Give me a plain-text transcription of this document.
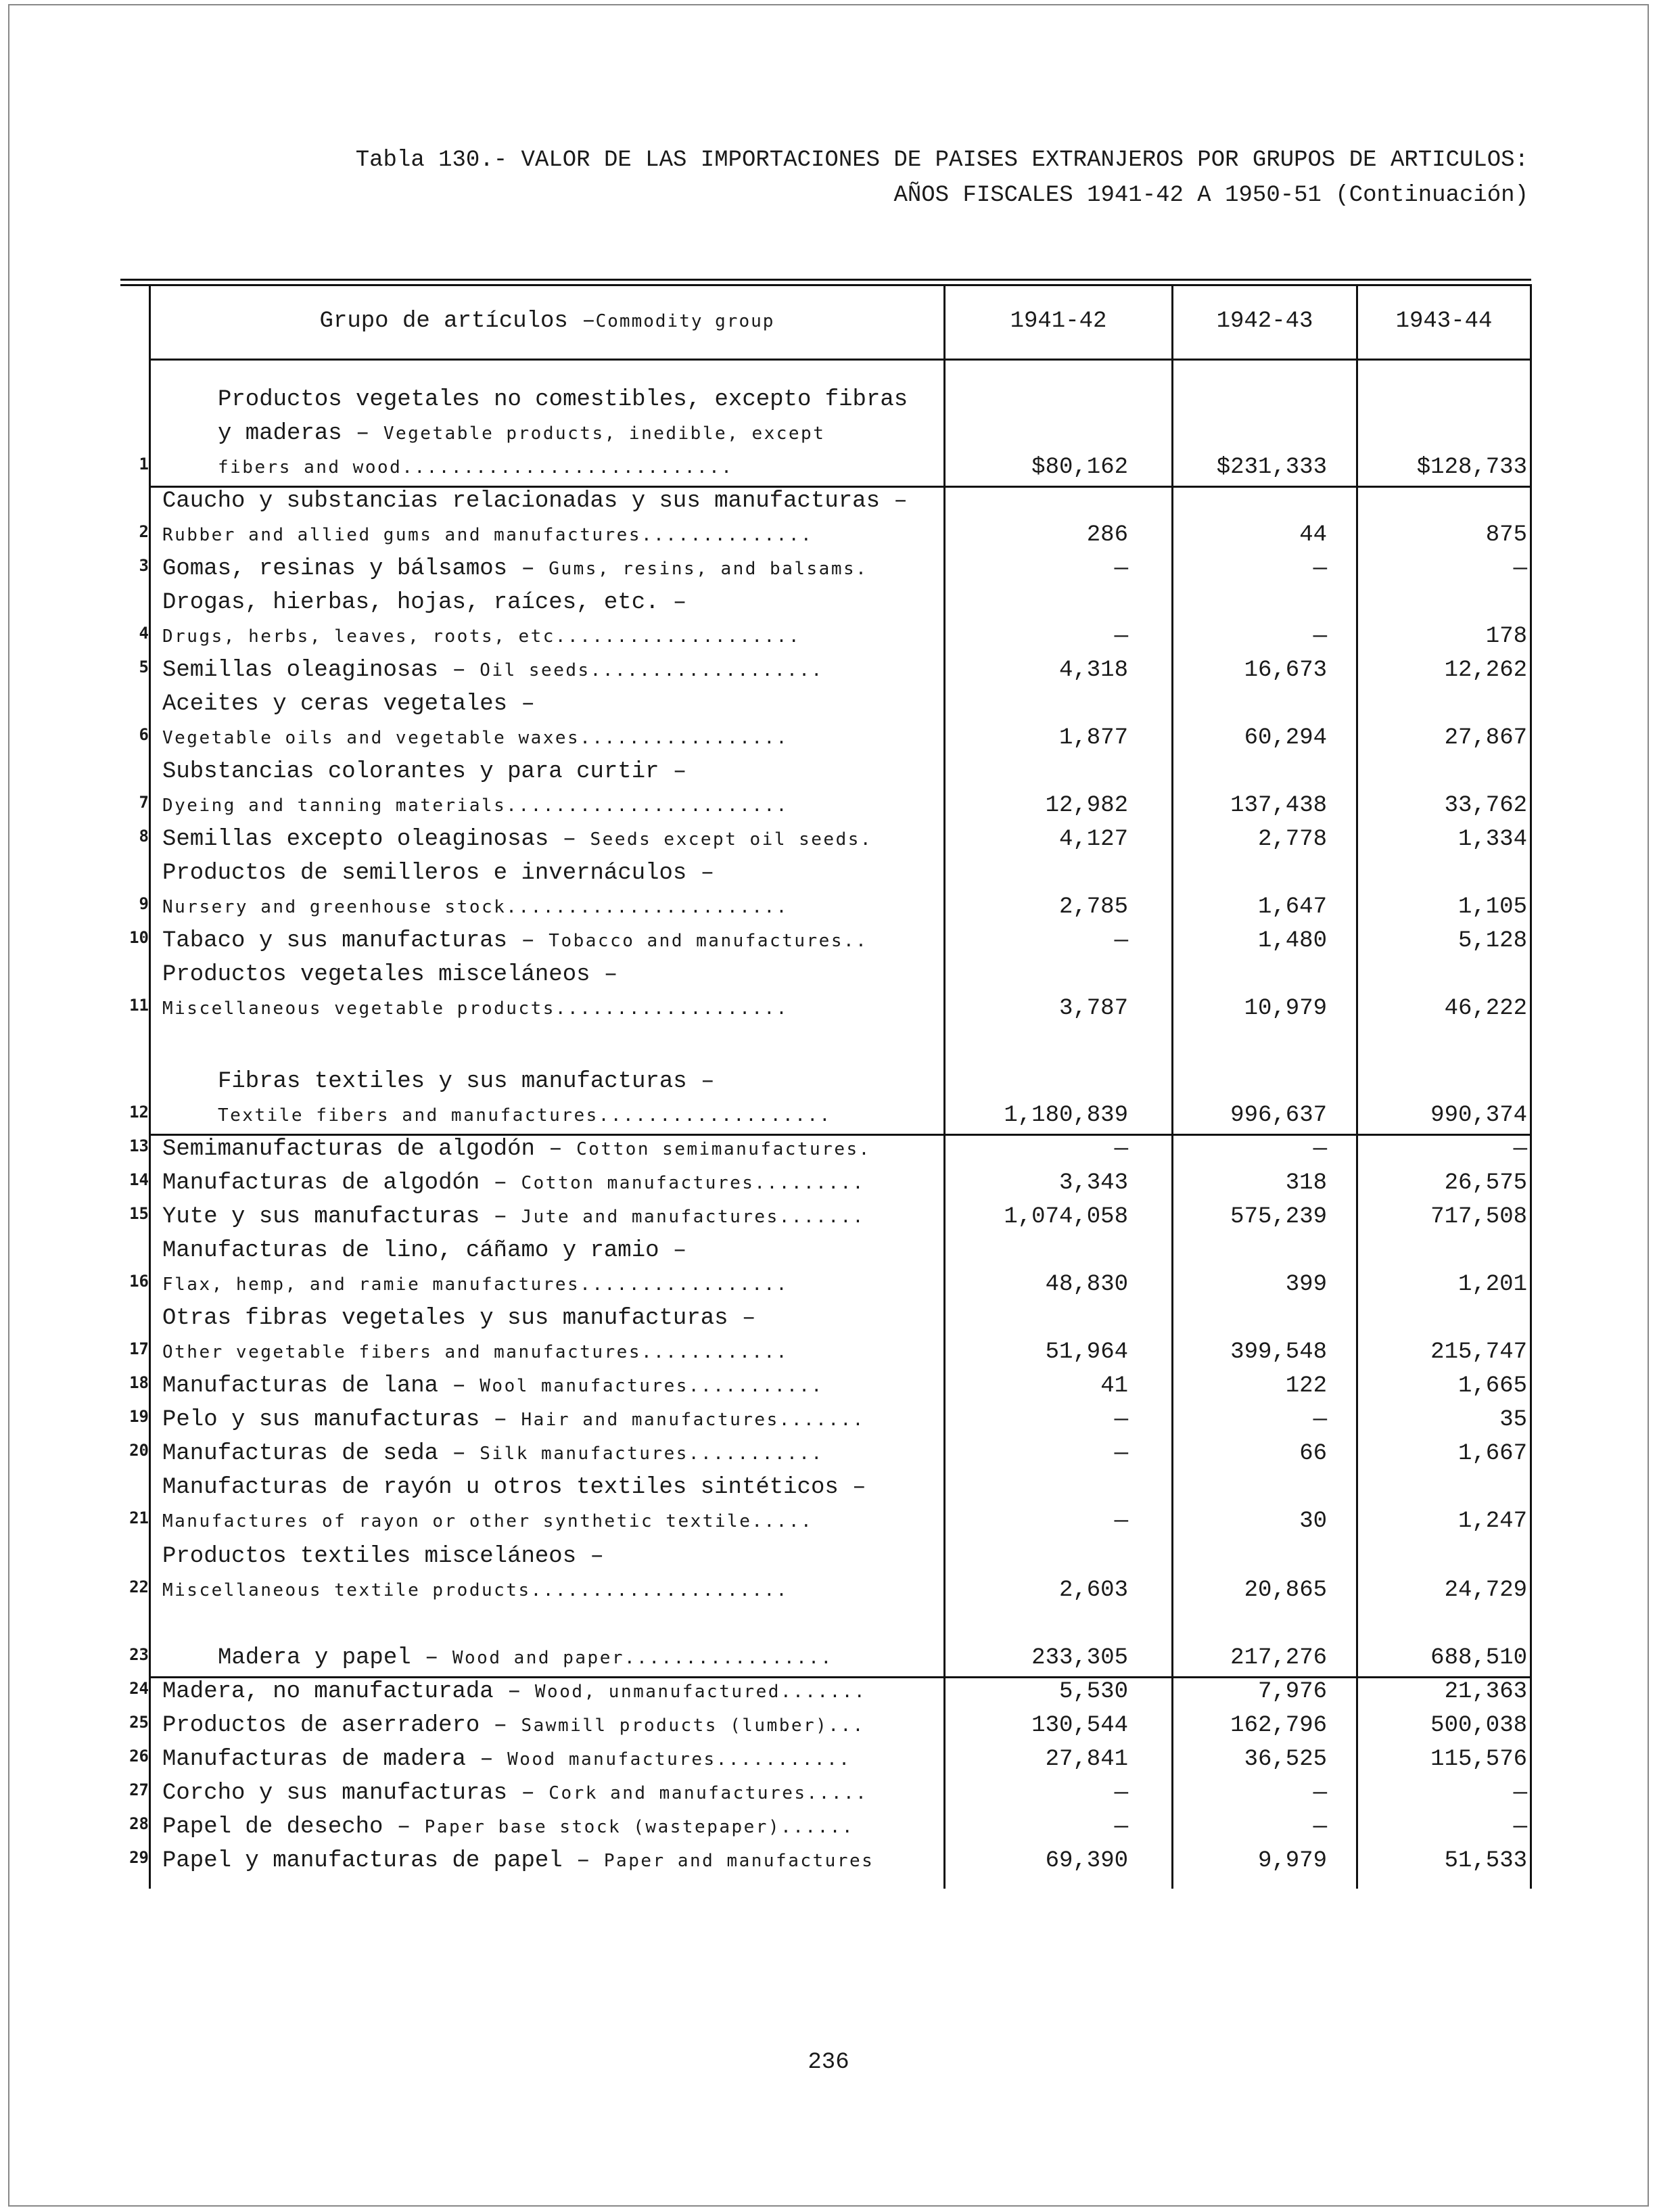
Tabla 130.- VALOR DE LAS IMPORTACIONES DE PAISES EXTRANJEROS POR GRUPOS DE ARTICULOS:
AÑOS FISCALES 1941-42 A 1950-51 (Continuación)
Grupo de artículos – Commodity group	1941-42	1942-43	1943-44
Productos vegetales no comestibles, excepto fibras
y maderas – Vegetable products, inedible, except
1	fibers and wood...........................	$80,162	$231,333	$128,733
Caucho y substancias relacionadas y sus manufacturas –
2 Rubber and allied gums and manufactures..............	286	44	875
3 Gomas, resinas y bálsamos – Gums, resins, and balsams.	—	—	—
Drogas, hierbas, hojas, raíces, etc. –
4 Drugs, herbs, leaves, roots, etc....................	—	—	178
5 Semillas oleaginosas – Oil seeds...................	4,318	16,673	12,262
Aceites y ceras vegetales –
6 Vegetable oils and vegetable waxes.................	1,877	60,294	27,867
Substancias colorantes y para curtir –
7 Dyeing and tanning materials.......................	12,982	137,438	33,762
8 Semillas excepto oleaginosas – Seeds except oil seeds.	4,127	2,778	1,334
Productos de semilleros e invernáculos –
9 Nursery and greenhouse stock.......................	2,785	1,647	1,105
10 Tabaco y sus manufacturas – Tobacco and manufactures..	—	1,480	5,128
Productos vegetales misceláneos –
11 Miscellaneous vegetable products...................	3,787	10,979	46,222
Fibras textiles y sus manufacturas –
12	Textile fibers and manufactures...................	1,180,839	996,637	990,374
13 Semimanufacturas de algodón – Cotton semimanufactures.	—	—	—
14 Manufacturas de algodón – Cotton manufactures.........	3,343	318	26,575
15 Yute y sus manufacturas – Jute and manufactures.......	1,074,058	575,239	717,508
Manufacturas de lino, cáñamo y ramio –
16 Flax, hemp, and ramie manufactures.................	48,830	399	1,201
Otras fibras vegetales y sus manufacturas –
17 Other vegetable fibers and manufactures............	51,964	399,548	215,747
18 Manufacturas de lana – Wool manufactures...........	41	122	1,665
19 Pelo y sus manufacturas – Hair and manufactures.......	—	—	35
20 Manufacturas de seda – Silk manufactures...........	—	66	1,667
Manufacturas de rayón u otros textiles sintéticos –
21 Manufactures of rayon or other synthetic textile.....	—	30	1,247
Productos textiles misceláneos –
22 Miscellaneous textile products.....................	2,603	20,865	24,729
23	Madera y papel – Wood and paper.................	233,305	217,276	688,510
24 Madera, no manufacturada – Wood, unmanufactured.......	5,530	7,976	21,363
25 Productos de aserradero – Sawmill products (lumber)...	130,544	162,796	500,038
26 Manufacturas de madera – Wood manufactures...........	27,841	36,525	115,576
27 Corcho y sus manufacturas – Cork and manufactures.....	—	—	—
28 Papel de desecho – Paper base stock (wastepaper)......	—	—	—
29 Papel y manufacturas de papel – Paper and manufactures	69,390	9,979	51,533
236
